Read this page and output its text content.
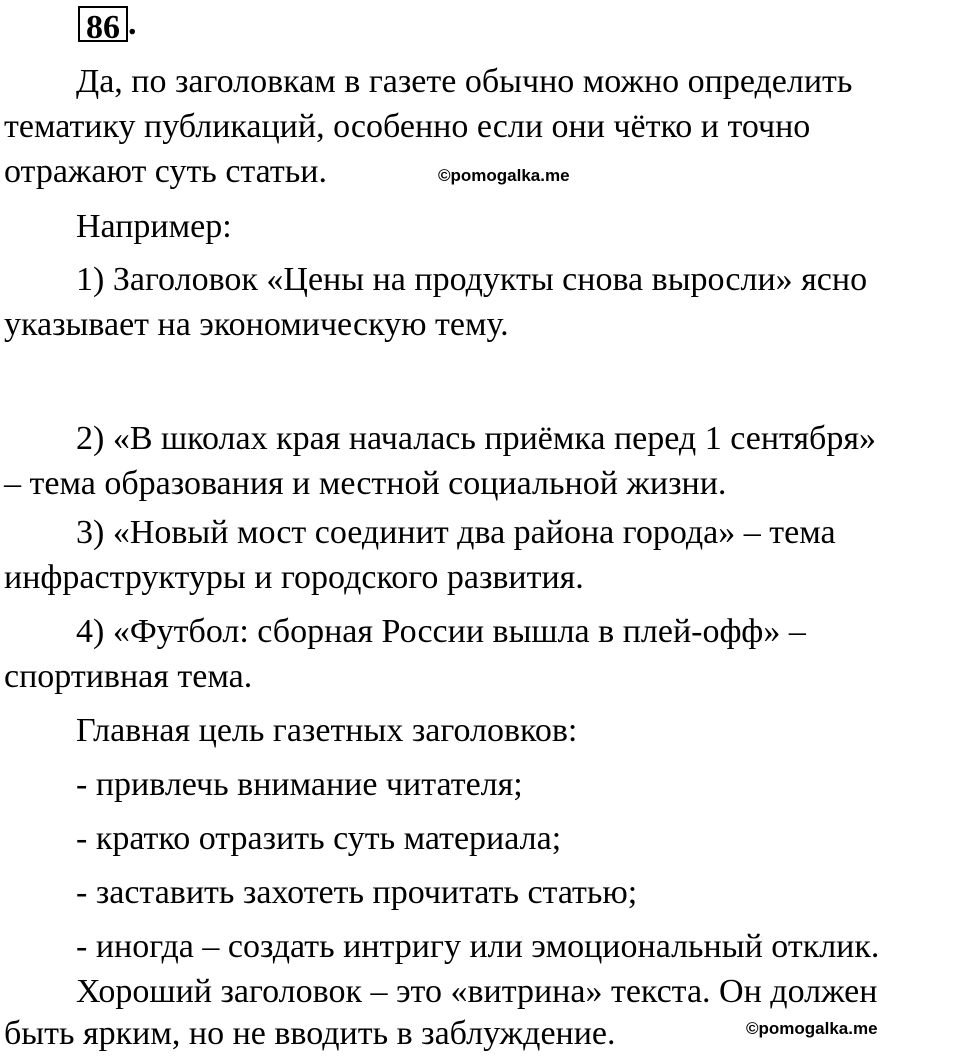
86 .
Да, по заголовкам в газете обычно можно определить
тематику публикаций, особенно если они чётко и точно
отражают суть статьи.	©pomogalka.me
Например:
1) Заголовок «Цены на продукты снова выросли» ясно
указывает на экономическую тему.
2) «В школах края началась приёмка перед 1 сентября»
– тема образования и местной социальной жизни.
3) «Новый мост соединит два района города» – тема
инфраструктуры и городского развития.
4) «Футбол: сборная России вышла в плей-офф» –
спортивная тема.
Главная цель газетных заголовков:
- привлечь внимание читателя;
- кратко отразить суть материала;
- заставить захотеть прочитать статью;
- иногда – создать интригу или эмоциональный отклик.
Хороший заголовок – это «витрина» текста. Он должен
быть ярким, но не вводить в заблуждение.	©pomogalka.me
